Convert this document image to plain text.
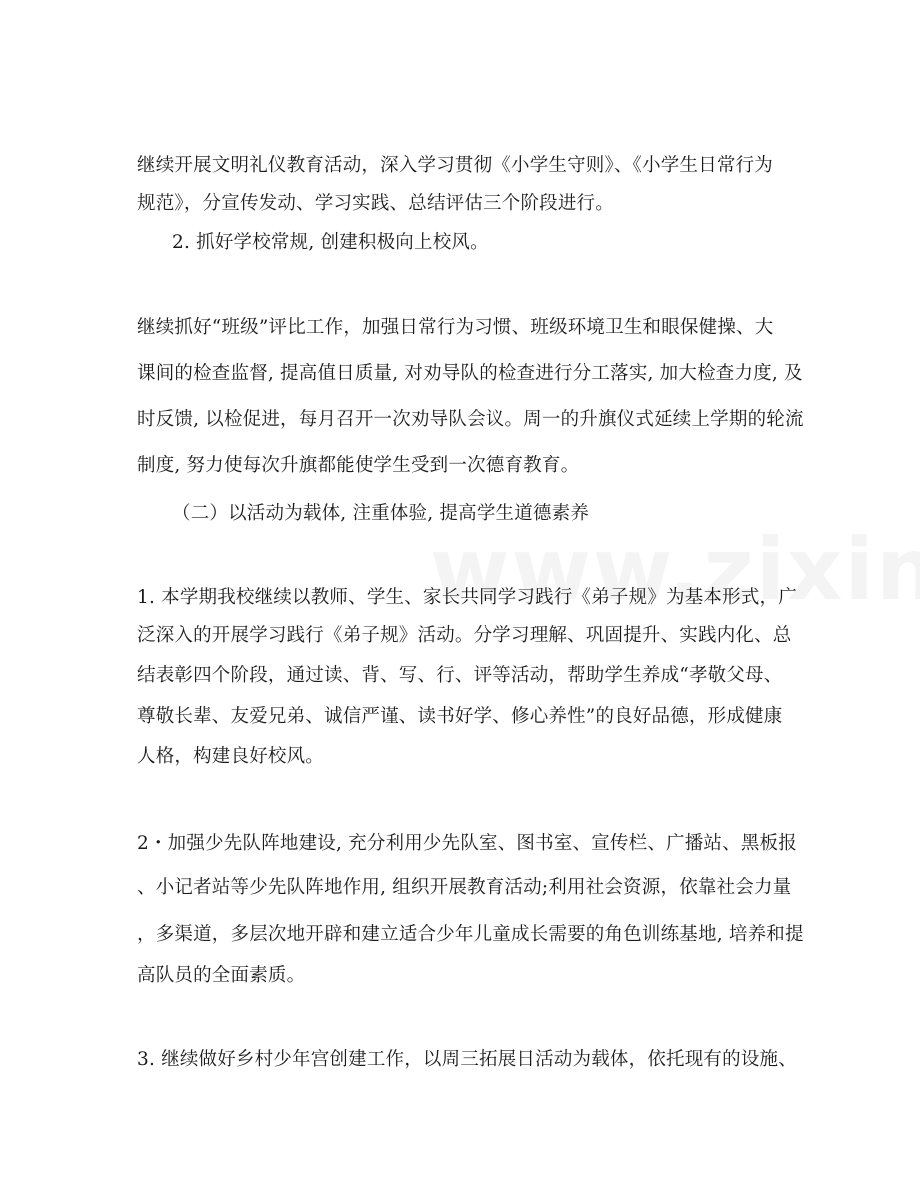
继续开展文明礼仪教育活动，深入学习贯彻《小学生守则》、《小学生日常行为
规范》，分宣传发动、学习实践、总结评估三个阶段进行。
2. 抓好学校常规, 创建积极向上校风。
继续抓好“班级”评比工作，加强日常行为习惯、班级环境卫生和眼保健操、大
课间的检查监督, 提高值日质量, 对劝导队的检查进行分工落实, 加大检查力度, 及
时反馈, 以检促进，每月召开一次劝导队会议。周一的升旗仪式延续上学期的轮流
制度, 努力使每次升旗都能使学生受到一次德育教育。
（二）以活动为载体, 注重体验, 提高学生道德素养
1. 本学期我校继续以教师、学生、家长共同学习践行《弟子规》为基本形式，广
泛深入的开展学习践行《弟子规》活动。分学习理解、巩固提升、实践内化、总
结表彰四个阶段，通过读、背、写、行、评等活动，帮助学生养成“孝敬父母、
尊敬长辈、友爱兄弟、诚信严谨、读书好学、修心养性”的良好品德，形成健康
人格，构建良好校风。
2・加强少先队阵地建设, 充分利用少先队室、图书室、宣传栏、广播站、黑板报
、小记者站等少先队阵地作用, 组织开展教育活动;利用社会资源，依靠社会力量
，多渠道，多层次地开辟和建立适合少年儿童成长需要的角色训练基地, 培养和提
高队员的全面素质。
3. 继续做好乡村少年宫创建工作，以周三拓展日活动为载体，依托现有的设施、
